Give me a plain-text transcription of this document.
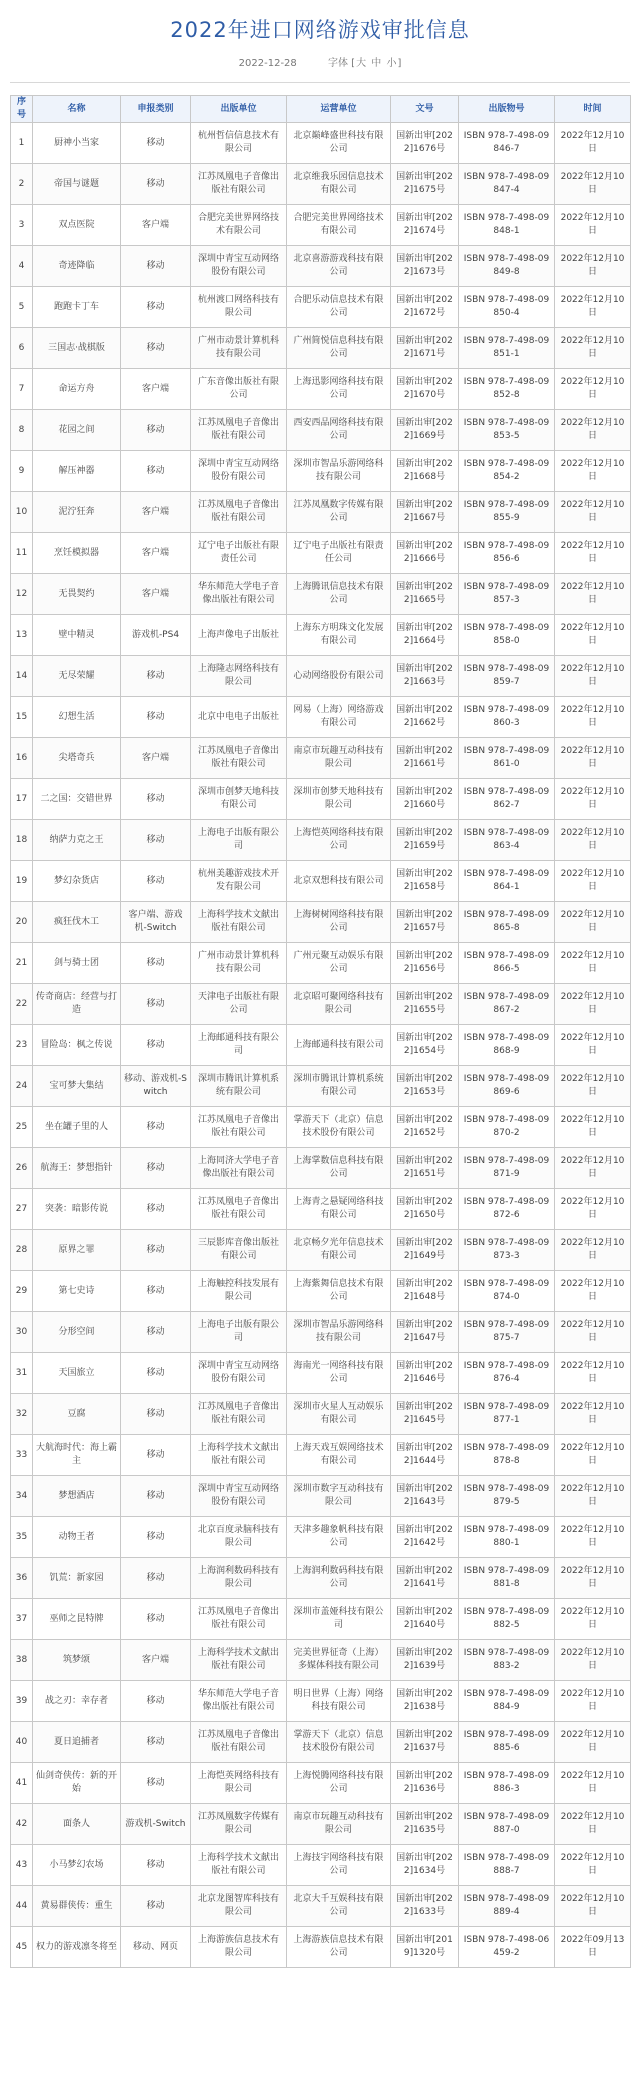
2022年进口网络游戏审批信息
2022-12-28	字体 [大 中 小]
序号	名称	申报类别	出版单位	运营单位	文号	出版物号	时间
1	厨神小当家	移动	杭州哲信信息技术有限公司	北京巅峰盛世科技有限公司	国新出审[2022]1676号	ISBN 978-7-498-09846-7	2022年12月10日
2	帝国与谜题	移动	江苏凤凰电子音像出版社有限公司	北京维我乐园信息技术有限公司	国新出审[2022]1675号	ISBN 978-7-498-09847-4	2022年12月10日
3	双点医院	客户端	合肥完美世界网络技术有限公司	合肥完美世界网络技术有限公司	国新出审[2022]1674号	ISBN 978-7-498-09848-1	2022年12月10日
4	奇迹降临	移动	深圳中青宝互动网络股份有限公司	北京喜游游戏科技有限公司	国新出审[2022]1673号	ISBN 978-7-498-09849-8	2022年12月10日
5	跑跑卡丁车	移动	杭州渡口网络科技有限公司	合肥乐动信息技术有限公司	国新出审[2022]1672号	ISBN 978-7-498-09850-4	2022年12月10日
6	三国志·战棋版	移动	广州市动景计算机科技有限公司	广州简悦信息科技有限公司	国新出审[2022]1671号	ISBN 978-7-498-09851-1	2022年12月10日
7	命运方舟	客户端	广东音像出版社有限公司	上海迅影网络科技有限公司	国新出审[2022]1670号	ISBN 978-7-498-09852-8	2022年12月10日
8	花园之间	移动	江苏凤凰电子音像出版社有限公司	西安西品网络科技有限公司	国新出审[2022]1669号	ISBN 978-7-498-09853-5	2022年12月10日
9	解压神器	移动	深圳中青宝互动网络股份有限公司	深圳市智品乐游网络科技有限公司	国新出审[2022]1668号	ISBN 978-7-498-09854-2	2022年12月10日
10	泥泞狂奔	客户端	江苏凤凰电子音像出版社有限公司	江苏凤凰数字传媒有限公司	国新出审[2022]1667号	ISBN 978-7-498-09855-9	2022年12月10日
11	烹饪模拟器	客户端	辽宁电子出版社有限责任公司	辽宁电子出版社有限责任公司	国新出审[2022]1666号	ISBN 978-7-498-09856-6	2022年12月10日
12	无畏契约	客户端	华东师范大学电子音像出版社有限公司	上海腾讯信息技术有限公司	国新出审[2022]1665号	ISBN 978-7-498-09857-3	2022年12月10日
13	壁中精灵	游戏机-PS4	上海声像电子出版社	上海东方明珠文化发展有限公司	国新出审[2022]1664号	ISBN 978-7-498-09858-0	2022年12月10日
14	无尽荣耀	移动	上海隆志网络科技有限公司	心动网络股份有限公司	国新出审[2022]1663号	ISBN 978-7-498-09859-7	2022年12月10日
15	幻想生活	移动	北京中电电子出版社	网易（上海）网络游戏有限公司	国新出审[2022]1662号	ISBN 978-7-498-09860-3	2022年12月10日
16	尖塔奇兵	客户端	江苏凤凰电子音像出版社有限公司	南京市玩趣互动科技有限公司	国新出审[2022]1661号	ISBN 978-7-498-09861-0	2022年12月10日
17	二之国：交错世界	移动	深圳市创梦天地科技有限公司	深圳市创梦天地科技有限公司	国新出审[2022]1660号	ISBN 978-7-498-09862-7	2022年12月10日
18	纳萨力克之王	移动	上海电子出版有限公司	上海恺英网络科技有限公司	国新出审[2022]1659号	ISBN 978-7-498-09863-4	2022年12月10日
19	梦幻杂货店	移动	杭州美趣游戏技术开发有限公司	北京双想科技有限公司	国新出审[2022]1658号	ISBN 978-7-498-09864-1	2022年12月10日
20	疯狂伐木工	客户端、游戏机-Switch	上海科学技术文献出版社有限公司	上海树树网络科技有限公司	国新出审[2022]1657号	ISBN 978-7-498-09865-8	2022年12月10日
21	剑与骑士团	移动	广州市动景计算机科技有限公司	广州元聚互动娱乐有限公司	国新出审[2022]1656号	ISBN 978-7-498-09866-5	2022年12月10日
22	传奇商店：经营与打造	移动	天津电子出版社有限公司	北京昭可聚网络科技有限公司	国新出审[2022]1655号	ISBN 978-7-498-09867-2	2022年12月10日
23	冒险岛：枫之传说	移动	上海邮通科技有限公司	上海邮通科技有限公司	国新出审[2022]1654号	ISBN 978-7-498-09868-9	2022年12月10日
24	宝可梦大集结	移动、游戏机-Switch	深圳市腾讯计算机系统有限公司	深圳市腾讯计算机系统有限公司	国新出审[2022]1653号	ISBN 978-7-498-09869-6	2022年12月10日
25	坐在罐子里的人	移动	江苏凤凰电子音像出版社有限公司	掌游天下（北京）信息技术股份有限公司	国新出审[2022]1652号	ISBN 978-7-498-09870-2	2022年12月10日
26	航海王：梦想指针	移动	上海同济大学电子音像出版社有限公司	上海掌数信息科技有限公司	国新出审[2022]1651号	ISBN 978-7-498-09871-9	2022年12月10日
27	突袭：暗影传说	移动	江苏凤凰电子音像出版社有限公司	上海青之悬疑网络科技有限公司	国新出审[2022]1650号	ISBN 978-7-498-09872-6	2022年12月10日
28	原界之罪	移动	三辰影库音像出版社有限公司	北京畅夕光年信息技术有限公司	国新出审[2022]1649号	ISBN 978-7-498-09873-3	2022年12月10日
29	第七史诗	移动	上海触控科技发展有限公司	上海紫舞信息技术有限公司	国新出审[2022]1648号	ISBN 978-7-498-09874-0	2022年12月10日
30	分形空间	移动	上海电子出版有限公司	深圳市智品乐游网络科技有限公司	国新出审[2022]1647号	ISBN 978-7-498-09875-7	2022年12月10日
31	天国旅立	移动	深圳中青宝互动网络股份有限公司	海南光一网络科技有限公司	国新出审[2022]1646号	ISBN 978-7-498-09876-4	2022年12月10日
32	豆腐	移动	江苏凤凰电子音像出版社有限公司	深圳市火星人互动娱乐有限公司	国新出审[2022]1645号	ISBN 978-7-498-09877-1	2022年12月10日
33	大航海时代：海上霸主	移动	上海科学技术文献出版社有限公司	上海天戏互娱网络技术有限公司	国新出审[2022]1644号	ISBN 978-7-498-09878-8	2022年12月10日
34	梦想酒店	移动	深圳中青宝互动网络股份有限公司	深圳市数字互动科技有限公司	国新出审[2022]1643号	ISBN 978-7-498-09879-5	2022年12月10日
35	动物王者	移动	北京百度录脑科技有限公司	天津多趣象帆科技有限公司	国新出审[2022]1642号	ISBN 978-7-498-09880-1	2022年12月10日
36	饥荒：新家园	移动	上海润利数码科技有限公司	上海润利数码科技有限公司	国新出审[2022]1641号	ISBN 978-7-498-09881-8	2022年12月10日
37	巫师之昆特牌	移动	江苏凤凰电子音像出版社有限公司	深圳市盖娅科技有限公司	国新出审[2022]1640号	ISBN 978-7-498-09882-5	2022年12月10日
38	筑梦颂	客户端	上海科学技术文献出版社有限公司	完美世界征奇（上海）多媒体科技有限公司	国新出审[2022]1639号	ISBN 978-7-498-09883-2	2022年12月10日
39	战之刃：幸存者	移动	华东师范大学电子音像出版社有限公司	明日世界（上海）网络科技有限公司	国新出审[2022]1638号	ISBN 978-7-498-09884-9	2022年12月10日
40	夏日追捕者	移动	江苏凤凰电子音像出版社有限公司	掌游天下（北京）信息技术股份有限公司	国新出审[2022]1637号	ISBN 978-7-498-09885-6	2022年12月10日
41	仙剑奇侠传：新的开始	移动	上海恺英网络科技有限公司	上海悦腾网络科技有限公司	国新出审[2022]1636号	ISBN 978-7-498-09886-3	2022年12月10日
42	面条人	游戏机-Switch	江苏凤凰数字传媒有限公司	南京市玩趣互动科技有限公司	国新出审[2022]1635号	ISBN 978-7-498-09887-0	2022年12月10日
43	小马梦幻农场	移动	上海科学技术文献出版社有限公司	上海技宇网络科技有限公司	国新出审[2022]1634号	ISBN 978-7-498-09888-7	2022年12月10日
44	黄易群侠传：重生	移动	北京龙图智库科技有限公司	北京大千互娱科技有限公司	国新出审[2022]1633号	ISBN 978-7-498-09889-4	2022年12月10日
45	权力的游戏凛冬将至	移动、网页	上海游族信息技术有限公司	上海游族信息技术有限公司	国新出审[2019]1320号	ISBN 978-7-498-06459-2	2022年09月13日
